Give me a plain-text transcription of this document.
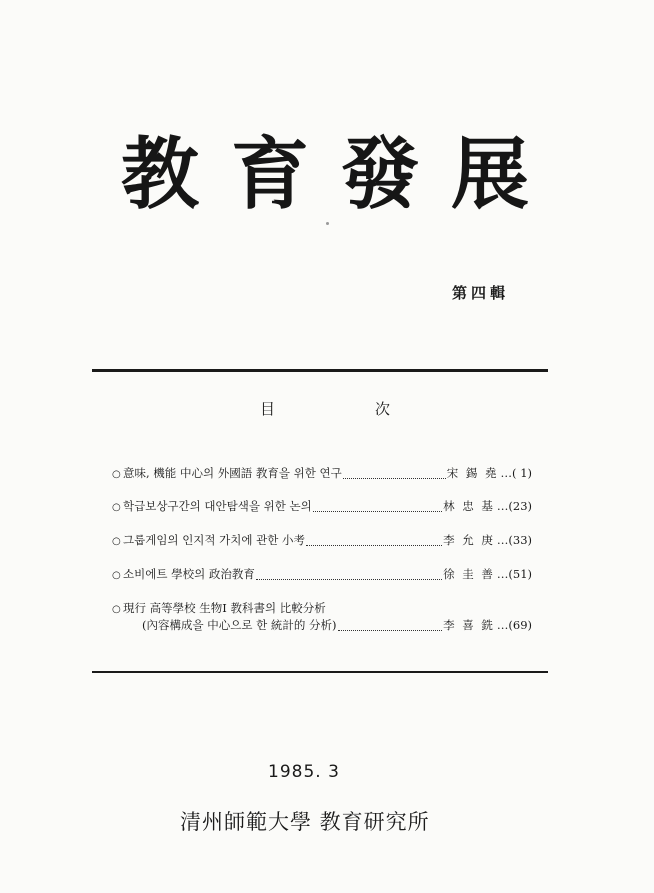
教 育 發 展
第四輯
目	次
○ 意味, 機能 中心의 外國語 教育을 위한 연구	宋 錫 堯 …( 1)
○ 학급보상구간의 대안탐색을 위한 논의	林 忠 基 …(23)
○ 그룹게임의 인지적 가치에 관한 小考	李 允 庚 …(33)
○ 소비에트 學校의 政治教育	徐 圭 善 …(51)
○ 現行 高等學校 生物Ⅰ 教科書의 比較分析
(內容構成을 中心으로 한 統計的 分析)	李 喜 銑 …(69)
1985. 3
清州師範大學 教育研究所
